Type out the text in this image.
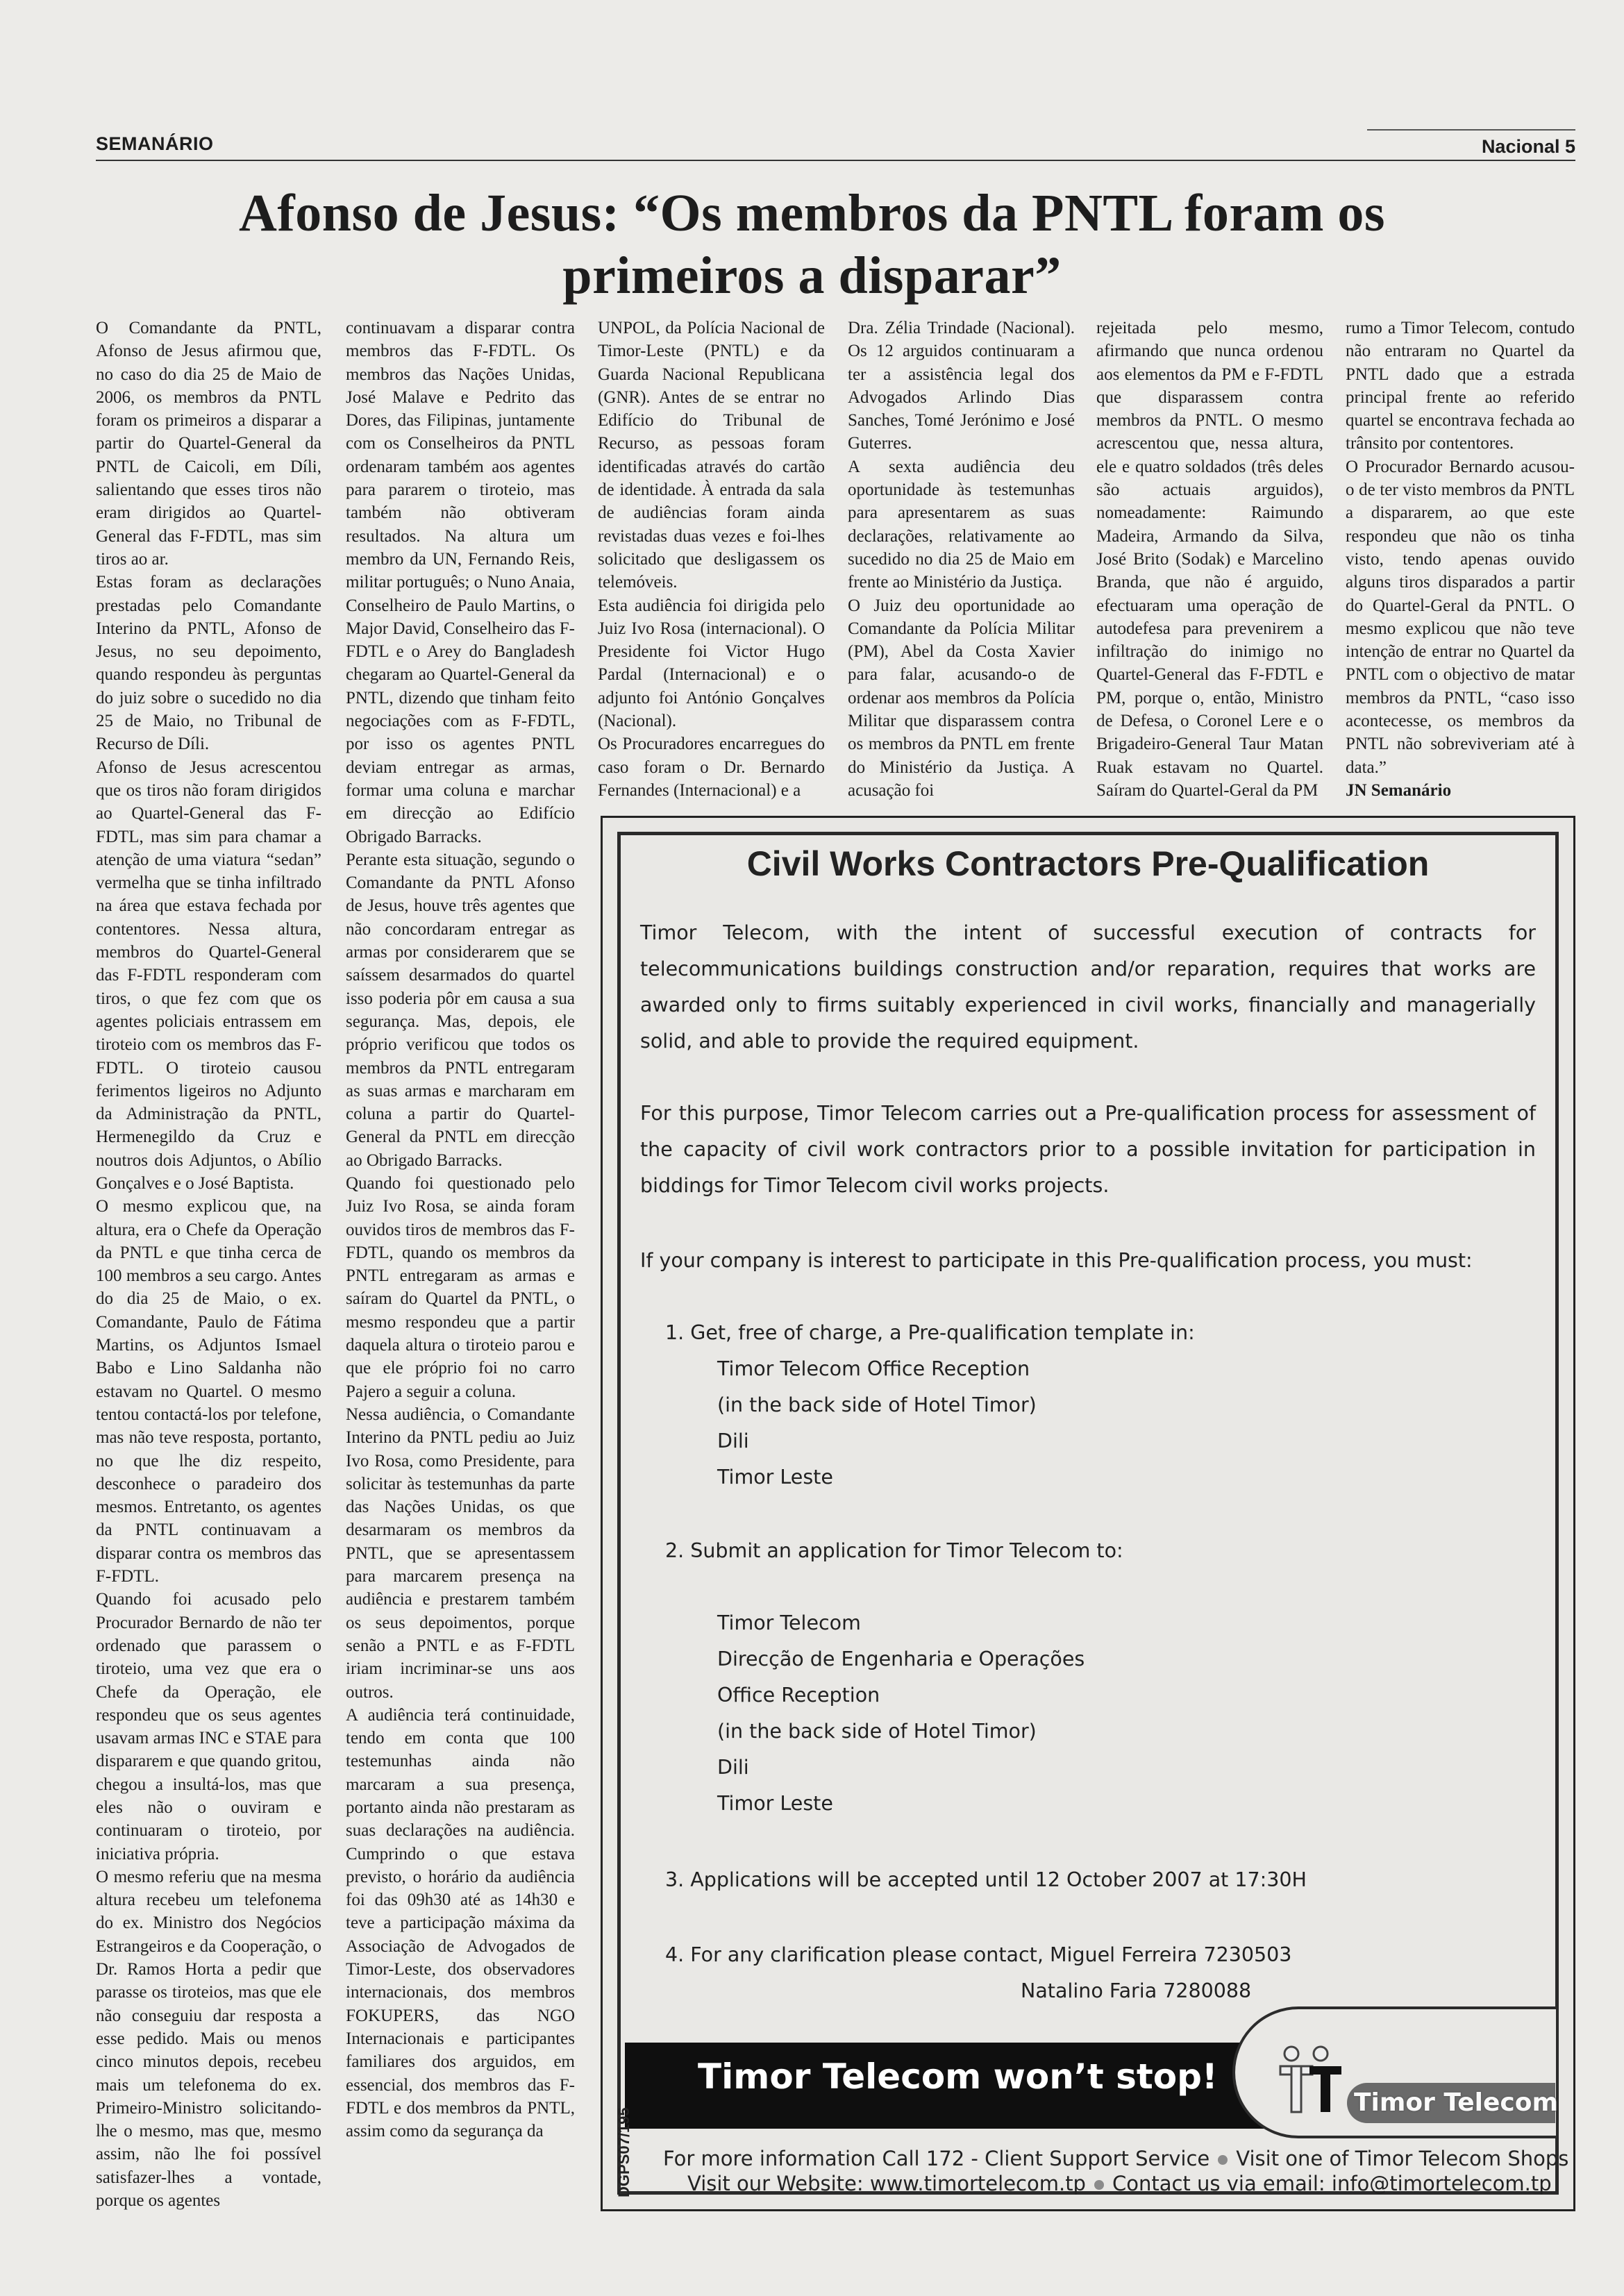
SEMANÁRIO	Nacional 5
Afonso de Jesus: “Os membros da PNTL foram os
primeiros a disparar”

O Comandante da PNTL, Afonso de Jesus afirmou que, no caso do dia 25 de Maio de 2006, os membros da PNTL foram os primeiros a disparar a partir do Quartel-General da PNTL de Caicoli, em Díli, salientando que esses tiros não eram dirigidos ao Quartel-General das F-FDTL, mas sim tiros ao ar.

Estas foram as declarações prestadas pelo Comandante Interino da PNTL, Afonso de Jesus, no seu depoimento, quando respondeu às perguntas do juiz sobre o sucedido no dia 25 de Maio, no Tribunal de Recurso de Díli.

Afonso de Jesus acrescentou que os tiros não foram dirigidos ao Quartel-General das F-FDTL, mas sim para chamar a atenção de uma viatura “sedan” vermelha que se tinha infiltrado na área que estava fechada por contentores. Nessa altura, membros do Quartel-General das F-FDTL responderam com tiros, o que fez com que os agentes policiais entrassem em tiroteio com os membros das F-FDTL. O tiroteio causou ferimentos ligeiros no Adjunto da Administração da PNTL, Hermenegildo da Cruz e noutros dois Adjuntos, o Abílio Gonçalves e o José Baptista.

O mesmo explicou que, na altura, era o Chefe da Operação da PNTL e que tinha cerca de 100 membros a seu cargo. Antes do dia 25 de Maio, o ex. Comandante, Paulo de Fátima Martins, os Adjuntos Ismael Babo e Lino Saldanha não estavam no Quartel. O mesmo tentou contactá-los por telefone, mas não teve resposta, portanto, no que lhe diz respeito, desconhece o paradeiro dos mesmos. Entretanto, os agentes da PNTL continuavam a disparar contra os membros das F-FDTL.

Quando foi acusado pelo Procurador Bernardo de não ter ordenado que parassem o tiroteio, uma vez que era o Chefe da Operação, ele respondeu que os seus agentes usavam armas INC e STAE para dispararem e que quando gritou, chegou a insultá-los, mas que eles não o ouviram e continuaram o tiroteio, por iniciativa própria.

O mesmo referiu que na mesma altura recebeu um telefonema do ex. Ministro dos Negócios Estrangeiros e da Cooperação, o Dr. Ramos Horta a pedir que parasse os tiroteios, mas que ele não conseguiu dar resposta a esse pedido. Mais ou menos cinco minutos depois, recebeu mais um telefonema do ex. Primeiro-Ministro solicitando-lhe o mesmo, mas que, mesmo assim, não lhe foi possível satisfazer-lhes a vontade, porque os agentes

continuavam a disparar contra membros das F-FDTL. Os membros das Nações Unidas, José Malave e Pedrito das Dores, das Filipinas, juntamente com os Conselheiros da PNTL ordenaram também aos agentes para pararem o tiroteio, mas também não obtiveram resultados. Na altura um membro da UN, Fernando Reis, militar português; o Nuno Anaia, Conselheiro de Paulo Martins, o Major David, Conselheiro das F-FDTL e o Arey do Bangladesh chegaram ao Quartel-General da PNTL, dizendo que tinham feito negociações com as F-FDTL, por isso os agentes PNTL deviam entregar as armas, formar uma coluna e marchar em direcção ao Edifício Obrigado Barracks.

Perante esta situação, segundo o Comandante da PNTL Afonso de Jesus, houve três agentes que não concordaram entregar as armas por considerarem que se saíssem desarmados do quartel isso poderia pôr em causa a sua segurança. Mas, depois, ele próprio verificou que todos os membros da PNTL entregaram as suas armas e marcharam em coluna a partir do Quartel-General da PNTL em direcção ao Obrigado Barracks.

Quando foi questionado pelo Juiz Ivo Rosa, se ainda foram ouvidos tiros de membros das F-FDTL, quando os membros da PNTL entregaram as armas e saíram do Quartel da PNTL, o mesmo respondeu que a partir daquela altura o tiroteio parou e que ele próprio foi no carro Pajero a seguir a coluna.

Nessa audiência, o Comandante Interino da PNTL pediu ao Juiz Ivo Rosa, como Presidente, para solicitar às testemunhas da parte das Nações Unidas, os que desarmaram os membros da PNTL, que se apresentassem para marcarem presença na audiência e prestarem também os seus depoimentos, porque senão a PNTL e as F-FDTL iriam incriminar-se uns aos outros.

A audiência terá continuidade, tendo em conta que 100 testemunhas ainda não marcaram a sua presença, portanto ainda não prestaram as suas declarações na audiência. Cumprindo o que estava previsto, o horário da audiência foi das 09h30 até as 14h30 e teve a participação máxima da Associação de Advogados de Timor-Leste, dos observadores internacionais, dos membros FOKUPERS, das NGO Internacionais e participantes familiares dos arguidos, em essencial, dos membros das F-FDTL e dos membros da PNTL, assim como da segurança da

UNPOL, da Polícia Nacional de Timor-Leste (PNTL) e da Guarda Nacional Republicana (GNR). Antes de se entrar no Edifício do Tribunal de Recurso, as pessoas foram identificadas através do cartão de identidade. À entrada da sala de audiências foram ainda revistadas duas vezes e foi-lhes solicitado que desligassem os telemóveis.

Esta audiência foi dirigida pelo Juiz Ivo Rosa (internacional). O Presidente foi Victor Hugo Pardal (Internacional) e o adjunto foi António Gonçalves (Nacional).

Os Procuradores encarregues do caso foram o Dr. Bernardo Fernandes (Internacional) e a

Dra. Zélia Trindade (Nacional). Os 12 arguidos continuaram a ter a assistência legal dos Advogados Arlindo Dias Sanches, Tomé Jerónimo e José Guterres.

A sexta audiência deu oportunidade às testemunhas para apresentarem as suas declarações, relativamente ao sucedido no dia 25 de Maio em frente ao Ministério da Justiça.

O Juiz deu oportunidade ao Comandante da Polícia Militar (PM), Abel da Costa Xavier para falar, acusando-o de ordenar aos membros da Polícia Militar que disparassem contra os membros da PNTL em frente do Ministério da Justiça. A acusação foi

rejeitada pelo mesmo, afirmando que nunca ordenou aos elementos da PM e F-FDTL que disparassem contra membros da PNTL. O mesmo acrescentou que, nessa altura, ele e quatro soldados (três deles são actuais arguidos), nomeadamente: Raimundo Madeira, Armando da Silva, José Brito (Sodak) e Marcelino Branda, que não é arguido, efectuaram uma operação de autodefesa para prevenirem a infiltração do inimigo no Quartel-General das F-FDTL e PM, porque o, então, Ministro de Defesa, o Coronel Lere e o Brigadeiro-General Taur Matan Ruak estavam no Quartel. Saíram do Quartel-Geral da PM

rumo a Timor Telecom, contudo não entraram no Quartel da PNTL dado que a estrada principal frente ao referido quartel se encontrava fechada ao trânsito por contentores.

O Procurador Bernardo acusou-o de ter visto membros da PNTL a dispararem, ao que este respondeu que não os tinha visto, tendo apenas ouvido alguns tiros disparados a partir do Quartel-Geral da PNTL. O mesmo explicou que não teve intenção de entrar no Quartel da PNTL com o objectivo de matar membros da PNTL, “caso isso acontecesse, os membros da PNTL não sobreviveriam até à data.”

JN Semanário

Civil Works Contractors Pre-Qualification
Timor Telecom, with the intent of successful execution of contracts for telecommunications buildings construction and/or reparation, requires that works are awarded only to firms suitably experienced in civil works, financially and managerially solid, and able to provide the required equipment.
For this purpose, Timor Telecom carries out a Pre-qualification process for assessment of the capacity of civil work contractors prior to a possible invitation for participation in biddings for Timor Telecom civil works projects.
If your company is interest to participate in this Pre-qualification process, you must:
1. Get, free of charge, a Pre-qualification template in:
Timor Telecom Office Reception
(in the back side of Hotel Timor)
Dili
Timor Leste
2. Submit an application for Timor Telecom to:
Timor Telecom
Direcção de Engenharia e Operações
Office Reception
(in the back side of Hotel Timor)
Dili
Timor Leste
3. Applications will be accepted until 12 October 2007 at 17:30H
4. For any clarification please contact, Miguel Ferreira 7230503
Natalino Faria 7280088
Timor Telecom won’t stop!
Timor Telecom
DGPS07/195 For more information Call 172 - Client Support Service Visit one of Timor Telecom Shops
Visit our Website: www.timortelecom.tp Contact us via email: info@timortelecom.tp
